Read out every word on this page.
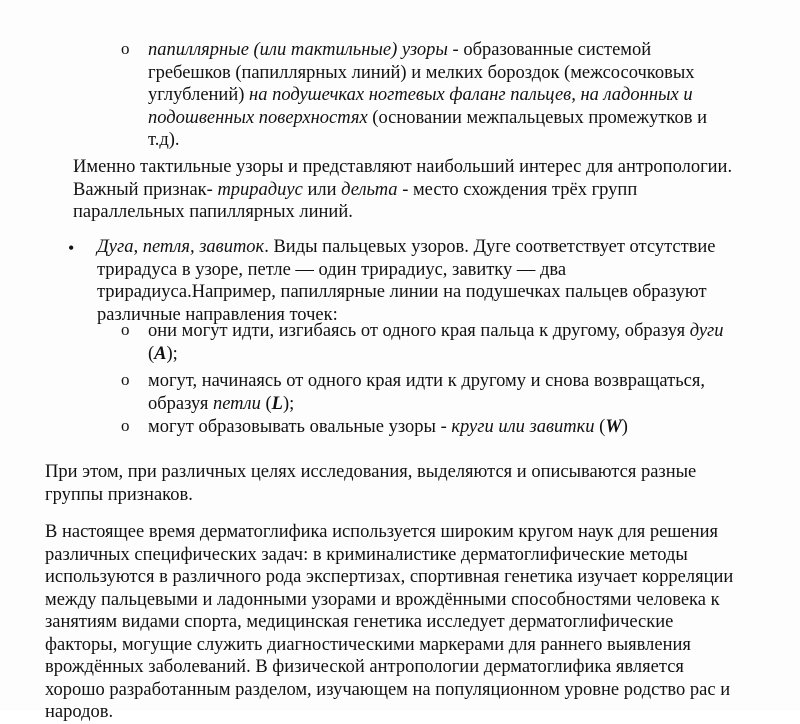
o папиллярные (или тактильные) узоры - образованные системой гребешков (папиллярных линий) и мелких бороздок (межсосочковых углублений) на подушечках ногтевых фаланг пальцев, на ладонных и подошвенных поверхностях (основании межпальцевых промежутков и т.д).

Именно тактильные узоры и представляют наибольший интерес для антропологии. Важный признак- трирадиус или дельта - место схождения трёх групп параллельных папиллярных линий.

• Дуга, петля, завиток. Виды пальцевых узоров. Дуге соответствует отсутствие трирадуса в узоре, петле — один трирадиус, завитку — два трирадиуса.Например, папиллярные линии на подушечках пальцев образуют различные направления точек:

o они могут идти, изгибаясь от одного края пальца к другому, образуя дуги (A);

o могут, начинаясь от одного края идти к другому и снова возвращаться, образуя петли (L);

o могут образовывать овальные узоры - круги или завитки (W)

При этом, при различных целях исследования, выделяются и описываются разные группы признаков.

В настоящее время дерматоглифика используется широким кругом наук для решения различных специфических задач: в криминалистике дерматоглифические методы используются в различного рода экспертизах, спортивная генетика изучает корреляции между пальцевыми и ладонными узорами и врождёнными способностями человека к занятиям видами спорта, медицинская генетика исследует дерматоглифические факторы, могущие служить диагностическими маркерами для раннего выявления врождённых заболеваний. В физической антропологии дерматоглифика является хорошо разработанным разделом, изучающем на популяционном уровне родство рас и народов.
